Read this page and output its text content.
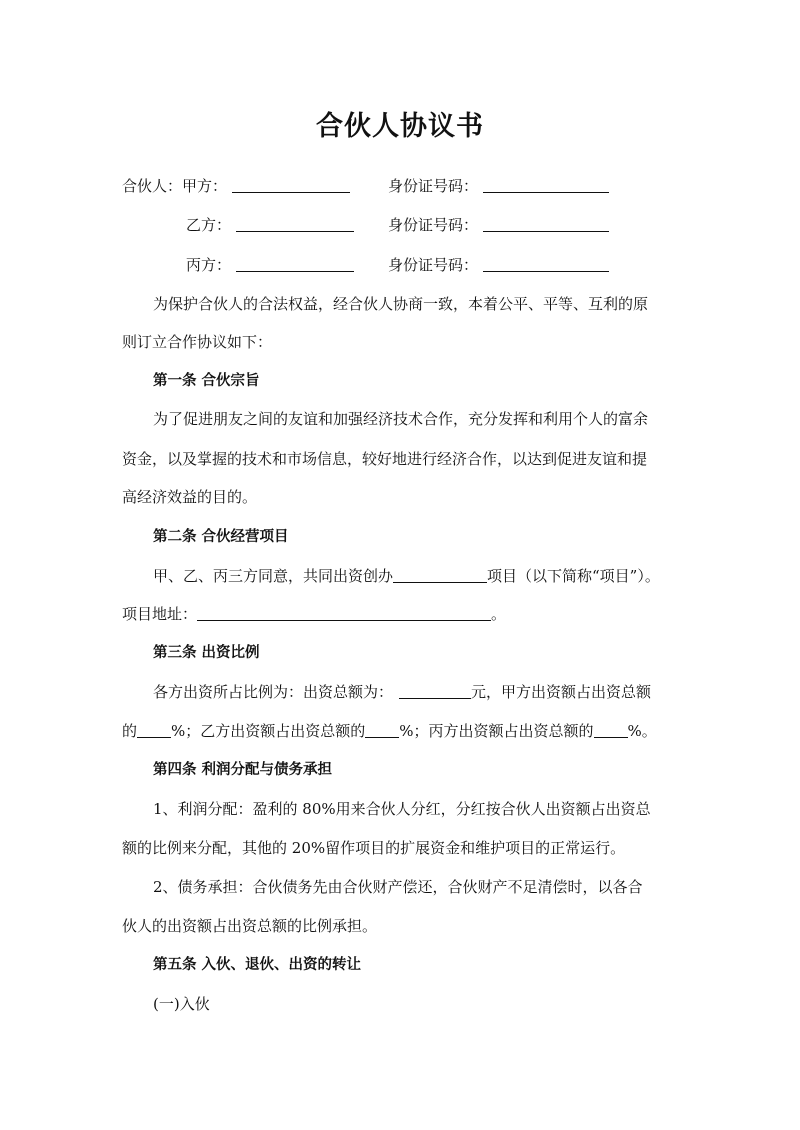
合伙人协议书
合伙人：甲方：	身份证号码：
乙方：	身份证号码：
丙方：	身份证号码：
为保护合伙人的合法权益，经合伙人协商一致，本着公平、平等、互利的原
则订立合作协议如下：
第一条 合伙宗旨
为了促进朋友之间的友谊和加强经济技术合作，充分发挥和利用个人的富余
资金，以及掌握的技术和市场信息，较好地进行经济合作，以达到促进友谊和提
高经济效益的目的。
第二条 合伙经营项目
甲、乙、丙三方同意，共同出资创办	项目（以下简称“项目”）。
项目地址：	。
第三条 出资比例
各方出资所占比例为：出资总额为：	元，甲方出资额占出资总额
的 %；乙方出资额占出资总额的 %；丙方出资额占出资总额的 %。
第四条 利润分配与债务承担
1、利润分配：盈利的 80%用来合伙人分红，分红按合伙人出资额占出资总
额的比例来分配，其他的 20%留作项目的扩展资金和维护项目的正常运行。
2、债务承担：合伙债务先由合伙财产偿还，合伙财产不足清偿时，以各合
伙人的出资额占出资总额的比例承担。
第五条 入伙、退伙、出资的转让
(一)入伙
